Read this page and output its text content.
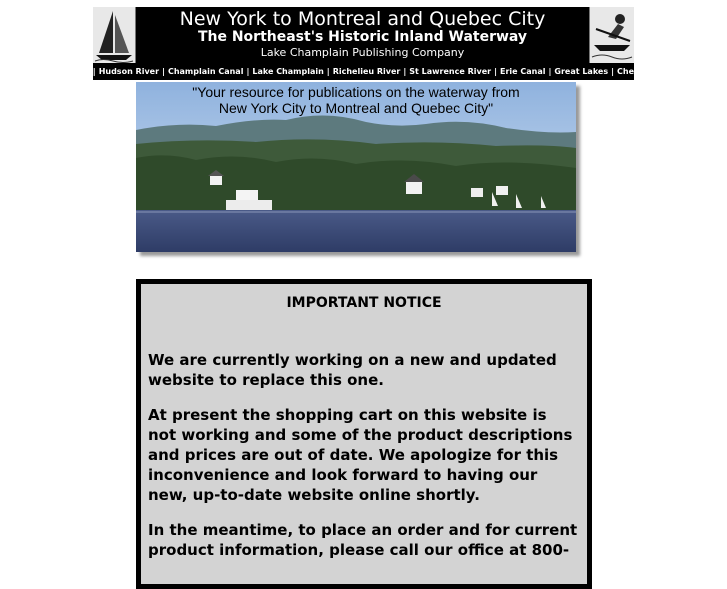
New York to Montreal and Quebec City
The Northeast's Historic Inland Waterway
Lake Champlain Publishing Company
Home | Hudson River | Champlain Canal | Lake Champlain | Richelieu River | St Lawrence River | Erie Canal | Great Lakes | Check Out
"Your resource for publications on the waterway from
New York City to Montreal and Quebec City"
IMPORTANT NOTICE

We are currently working on a new and updated website to replace this one.

At present the shopping cart on this website is not working and some of the product descriptions and prices are out of date. We apologize for this inconvenience and look forward to having our new, up-to-date website online shortly.

In the meantime, to place an order and for current product information, please call our office at 800-
